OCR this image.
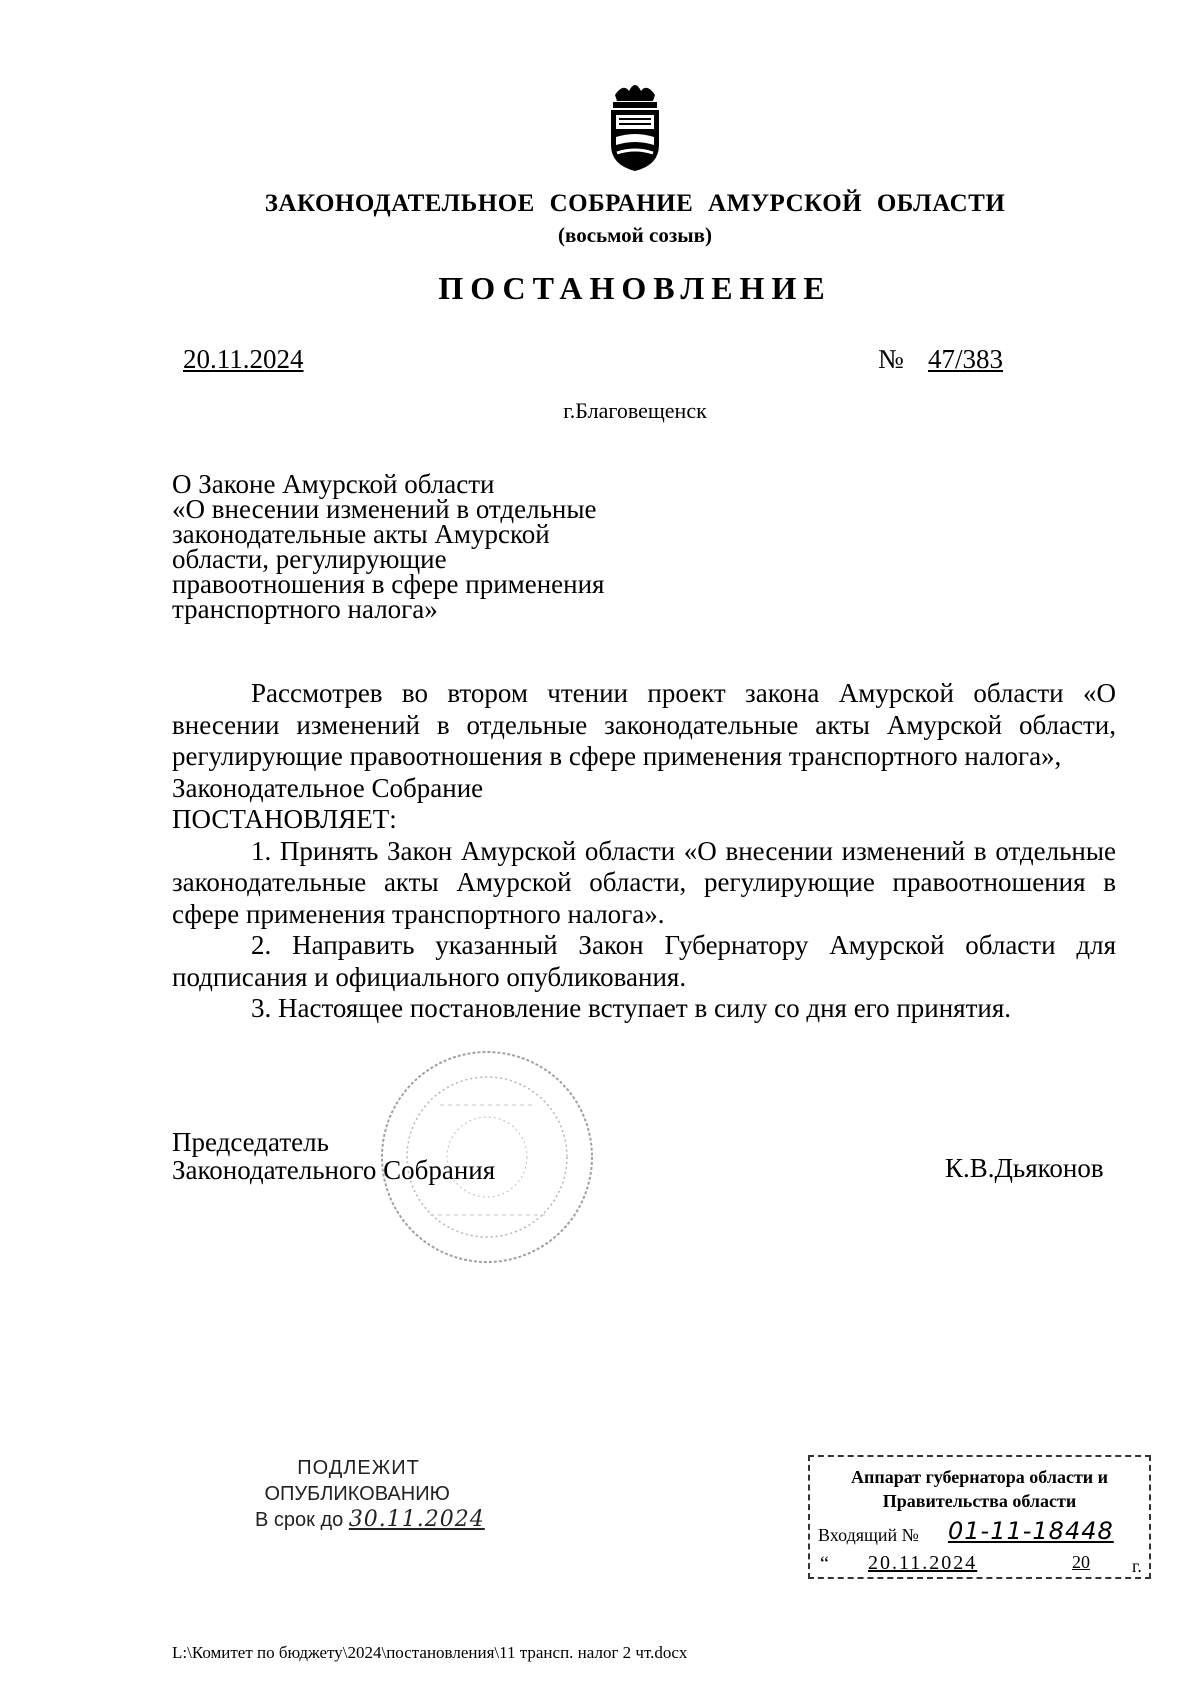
ЗАКОНОДАТЕЛЬНОЕ СОБРАНИЕ АМУРСКОЙ ОБЛАСТИ
(восьмой созыв)
ПОСТАНОВЛЕНИЕ
20.11.2024	№ 47/383
г.Благовещенск
О Законе Амурской области
«О внесении изменений в отдельные
законодательные акты Амурской
области, регулирующие
правоотношения в сфере применения
транспортного налога»
Рассмотрев во втором чтении проект закона Амурской области «О внесении изменений в отдельные законодательные акты Амурской области, регулирующие правоотношения в сфере применения транспортного налога»,
Законодательное Собрание
ПОСТАНОВЛЯЕТ:
1. Принять Закон Амурской области «О внесении изменений в отдельные законодательные акты Амурской области, регулирующие правоотношения в сфере применения транспортного налога».
2. Направить указанный Закон Губернатору Амурской области для подписания и официального опубликования.
3. Настоящее постановление вступает в силу со дня его принятия.
Председатель
Законодательного Собрания	К.В.Дьяконов
ПОДЛЕЖИТ
ОПУБЛИКОВАНИЮ
В срок до 30.11.2024
Аппарат губернатора области и
Правительства области
Входящий № 01-11-18448
“ 20.11.2024	20 г.
L:\Комитет по бюджету\2024\постановления\11 трансп. налог 2 чт.docx
